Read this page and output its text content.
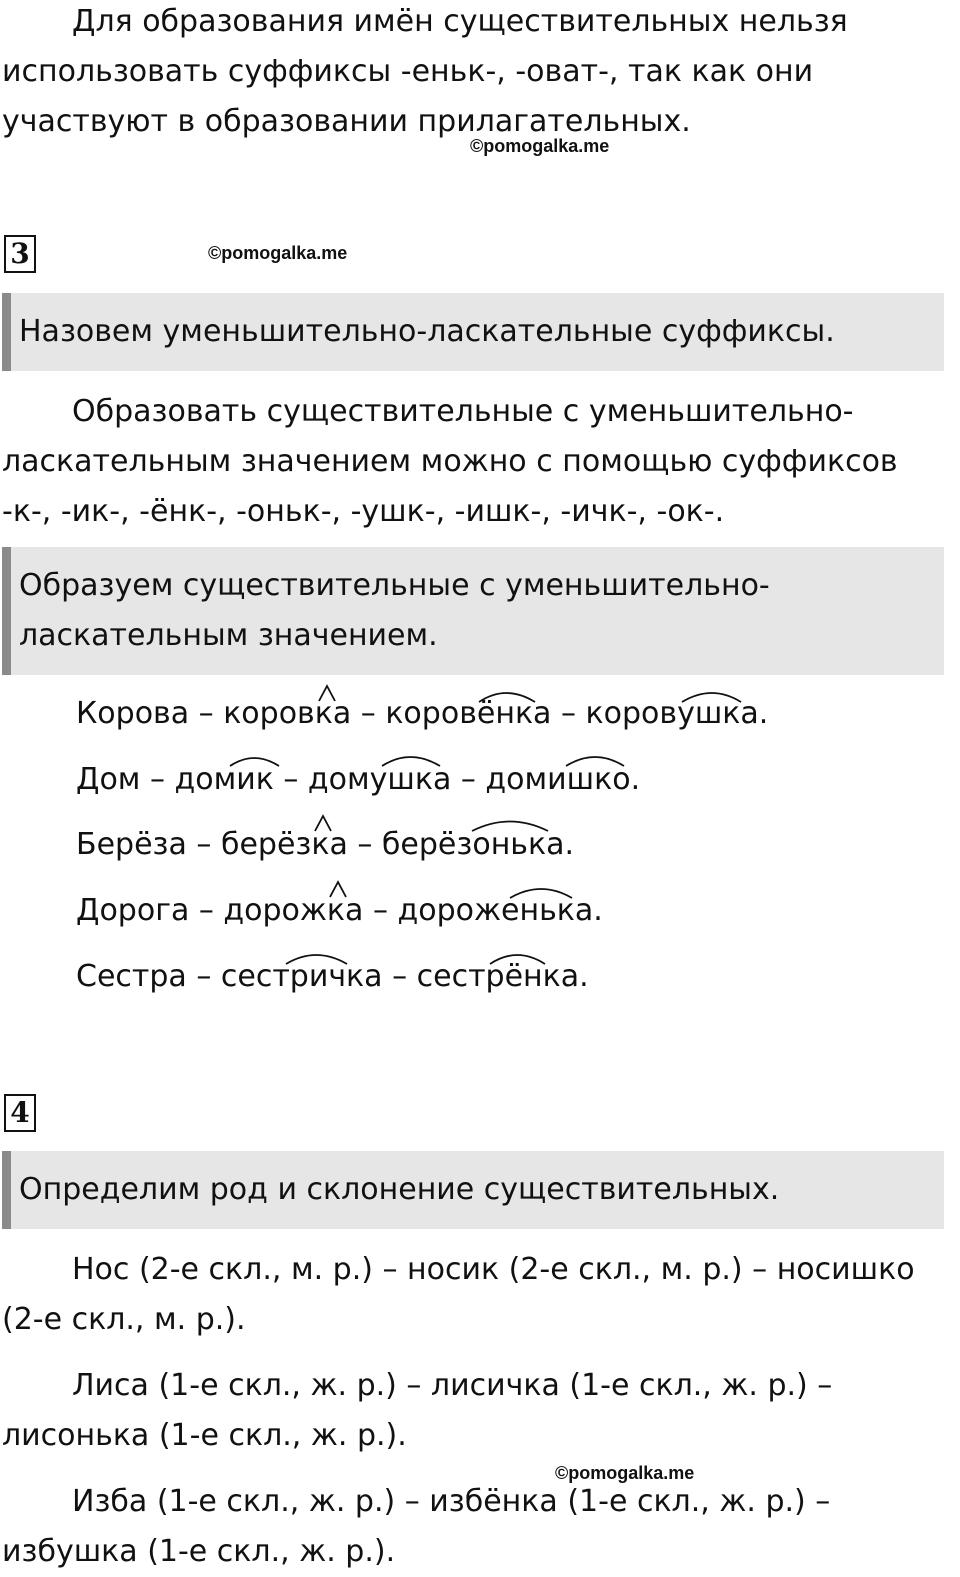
Для образования имён существительных нельзя использовать суффиксы -еньк-, -оват-, так как они участвуют в образовании прилагательных.

©pomogalka.me
3	©pomogalka.me

Назовем уменьшительно-ласкательные суффиксы.

Образовать существительные с уменьшительно-ласкательным значением можно с помощью суффиксов -к-, -ик-, -ёнк-, -оньк-, -ушк-, -ишк-, -ичк-, -ок-.

Образуем существительные с уменьшительно-ласкательным значением.

Корова – коровка – коровёнка – коровушка.

Дом – домик – домушка – домишко.

Берёза – берёзка – берёзонька.

Дорога – дорожка – дороженька.

Сестра – сестричка – сестрёнка.

4

Определим род и склонение существительных.

Нос (2-е скл., м. р.) – носик (2-е скл., м. р.) – носишко (2-е скл., м. р.).

Лиса (1-е скл., ж. р.) – лисичка (1-е скл., ж. р.) – лисонька (1-е скл., ж. р.).

©pomogalka.me

Изба (1-е скл., ж. р.) – избёнка (1-е скл., ж. р.) – избушка (1-е скл., ж. р.).
